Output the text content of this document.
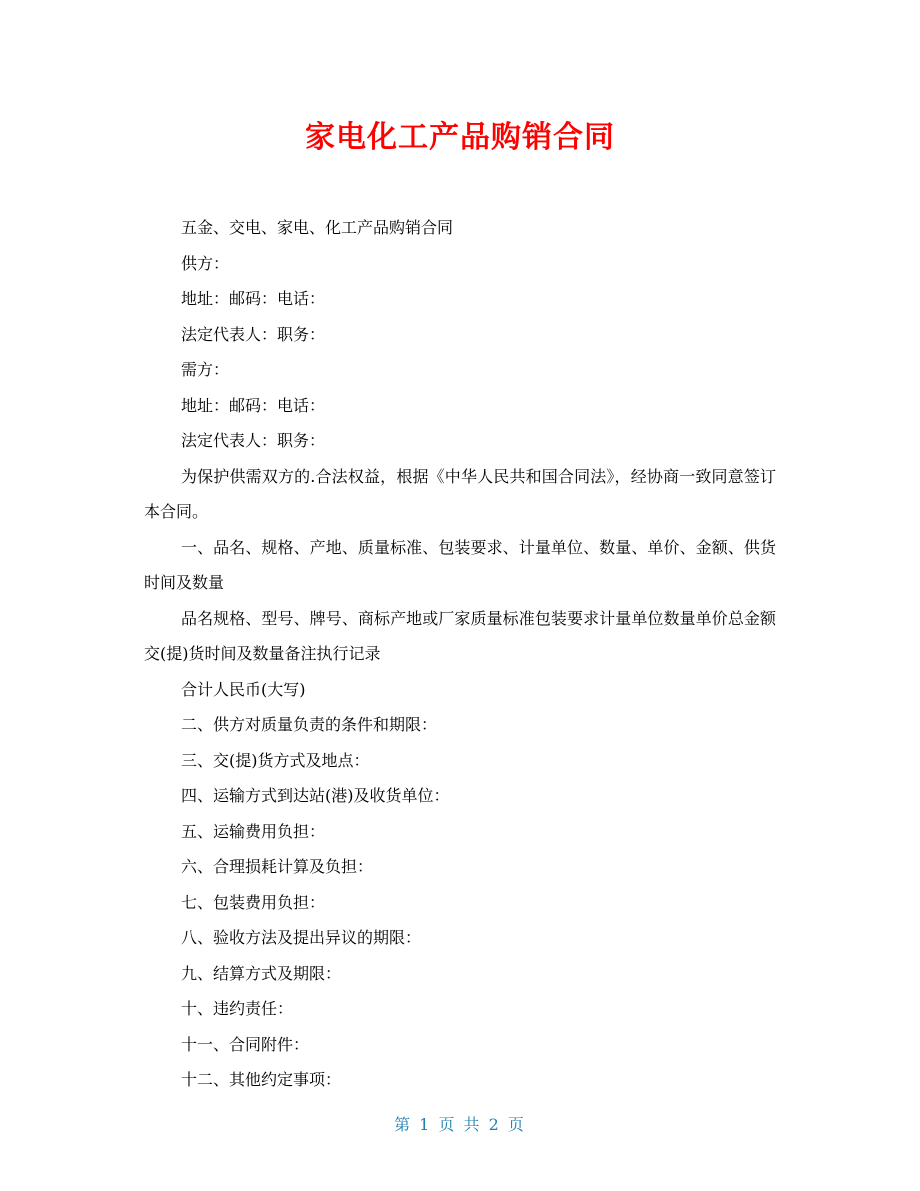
家电化工产品购销合同

五金、交电、家电、化工产品购销合同

供方：

地址：邮码：电话：

法定代表人：职务：

需方：

地址：邮码：电话：

法定代表人：职务：

为保护供需双方的.合法权益，根据《中华人民共和国合同法》，经协商一致同意签订本合同。

一、品名、规格、产地、质量标准、包装要求、计量单位、数量、单价、金额、供货时间及数量

品名规格、型号、牌号、商标产地或厂家质量标准包装要求计量单位数量单价总金额交(提)货时间及数量备注执行记录

合计人民币(大写)

二、供方对质量负责的条件和期限：

三、交(提)货方式及地点：

四、运输方式到达站(港)及收货单位：

五、运输费用负担：

六、合理损耗计算及负担：

七、包装费用负担：

八、验收方法及提出异议的期限：

九、结算方式及期限：

十、违约责任：

十一、合同附件：

十二、其他约定事项：

第 1 页 共 2 页
